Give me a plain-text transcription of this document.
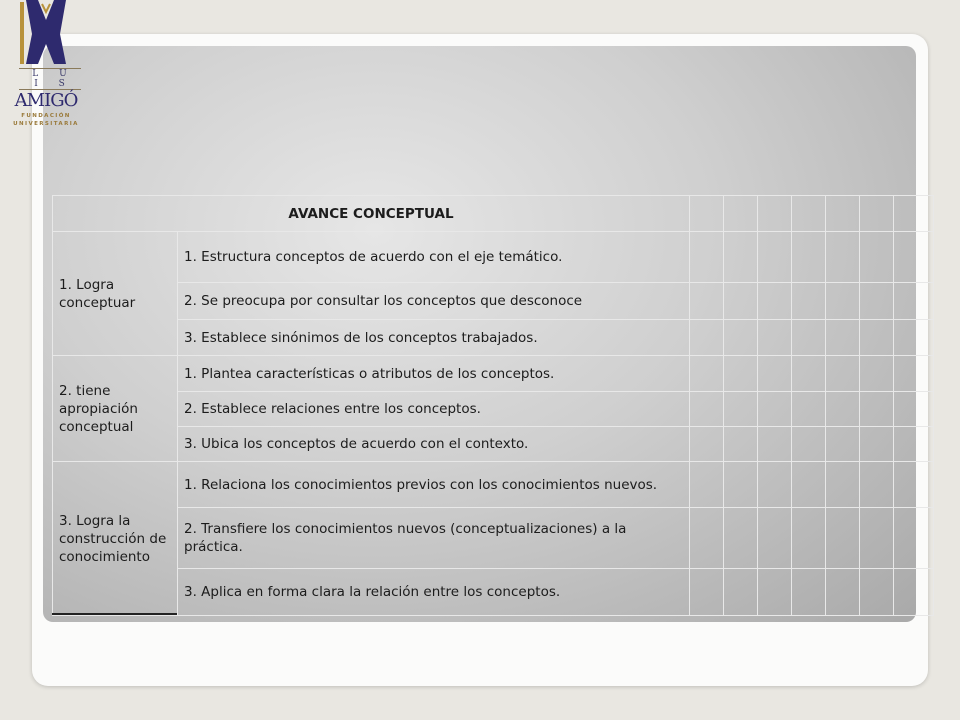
L U I S
AMIGÓ
FUNDACIÓN
UNIVERSITARIA
AVANCE CONCEPTUAL								
1. Logra conceptuar	1. Estructura conceptos de acuerdo con el eje temático.							
	2. Se preocupa por consultar los conceptos que desconoce							
	3. Establece sinónimos de los conceptos trabajados.							
2. tiene apropiación conceptual	1. Plantea características o atributos de los conceptos.							
	2. Establece relaciones entre los conceptos.							
	3. Ubica los conceptos de acuerdo con el contexto.							
3. Logra la construcción de conocimiento	1. Relaciona los conocimientos previos con los conocimientos nuevos.							
	2. Transfiere los conocimientos nuevos (conceptualizaciones) a la práctica.							
	3. Aplica en forma clara la relación entre los conceptos.							
